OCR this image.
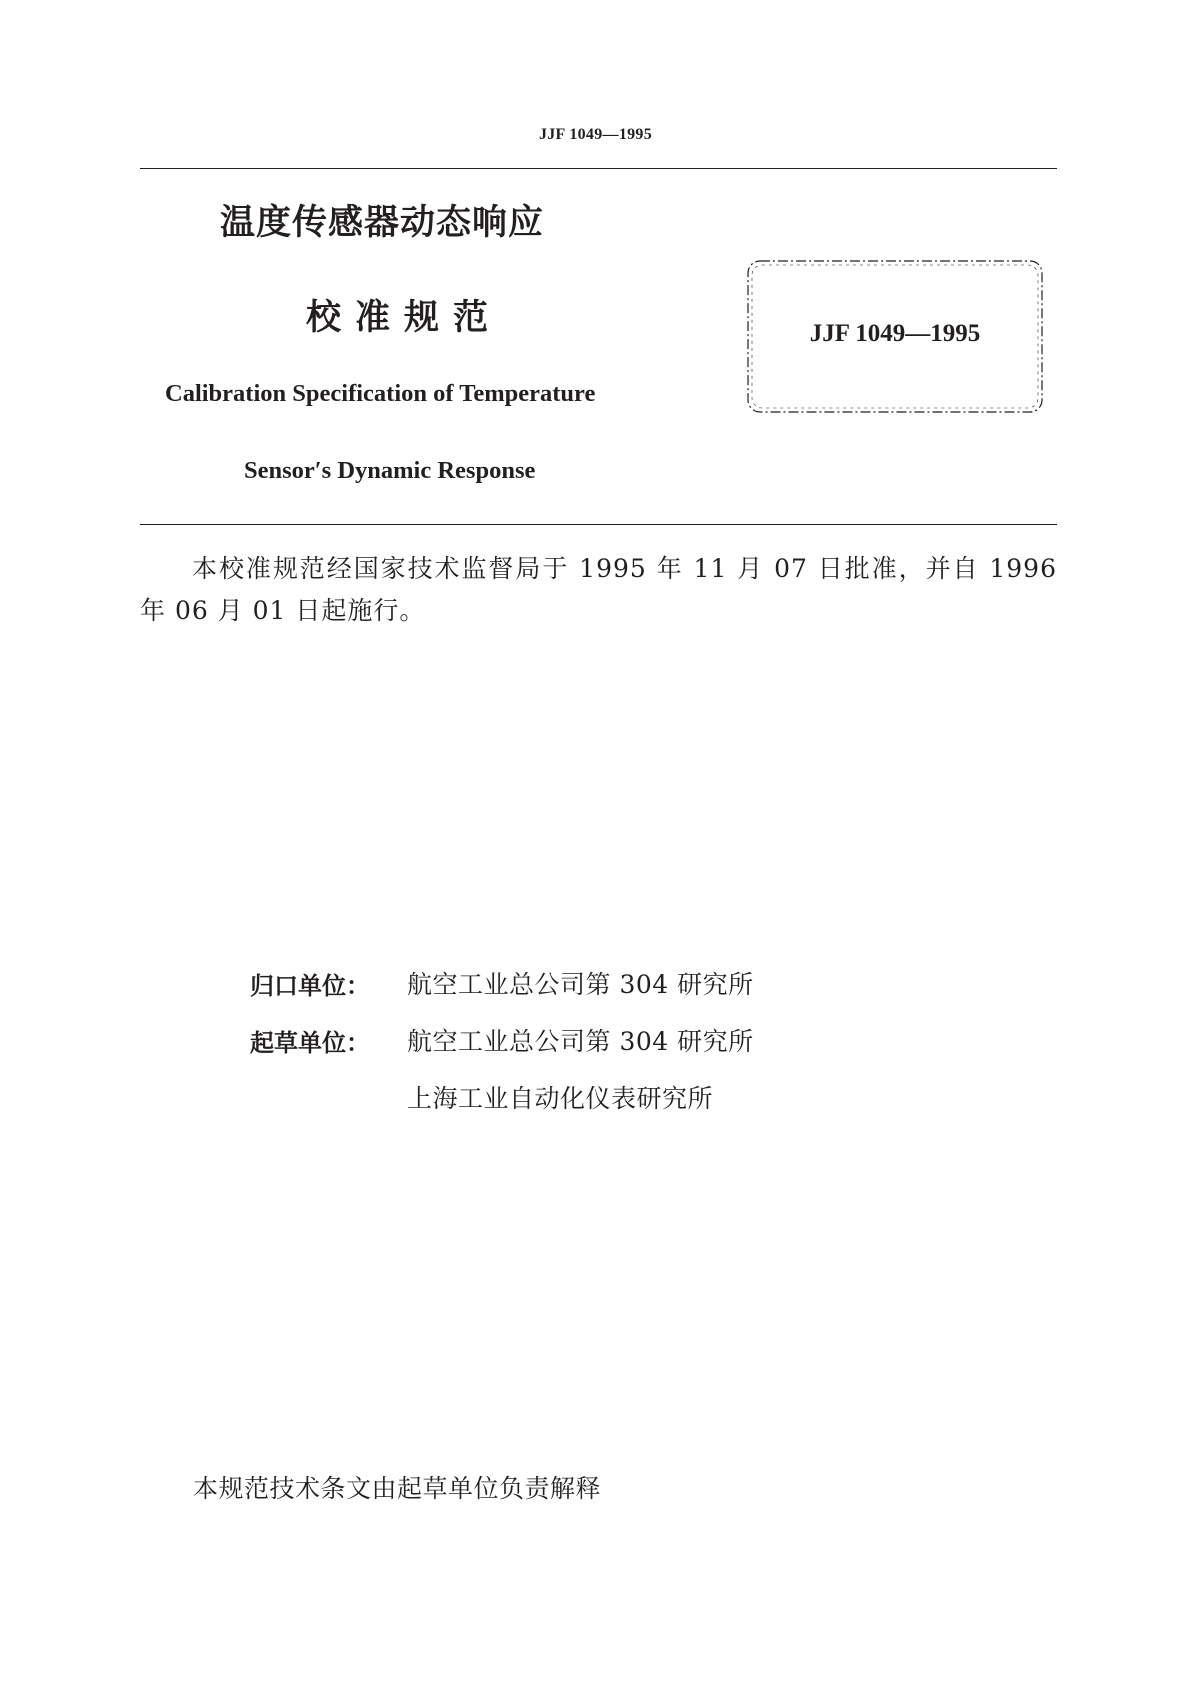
JJF 1049—1995
温度传感器动态响应
校准规范
Calibration Specification of Temperature
Sensor′s Dynamic Response
JJF 1049—1995
本校准规范经国家技术监督局于 1995 年 11 月 07 日批准，并自 1996 年 06 月 01 日起施行。
归口单位： 航空工业总公司第 304 研究所
起草单位： 航空工业总公司第 304 研究所
上海工业自动化仪表研究所
本规范技术条文由起草单位负责解释
